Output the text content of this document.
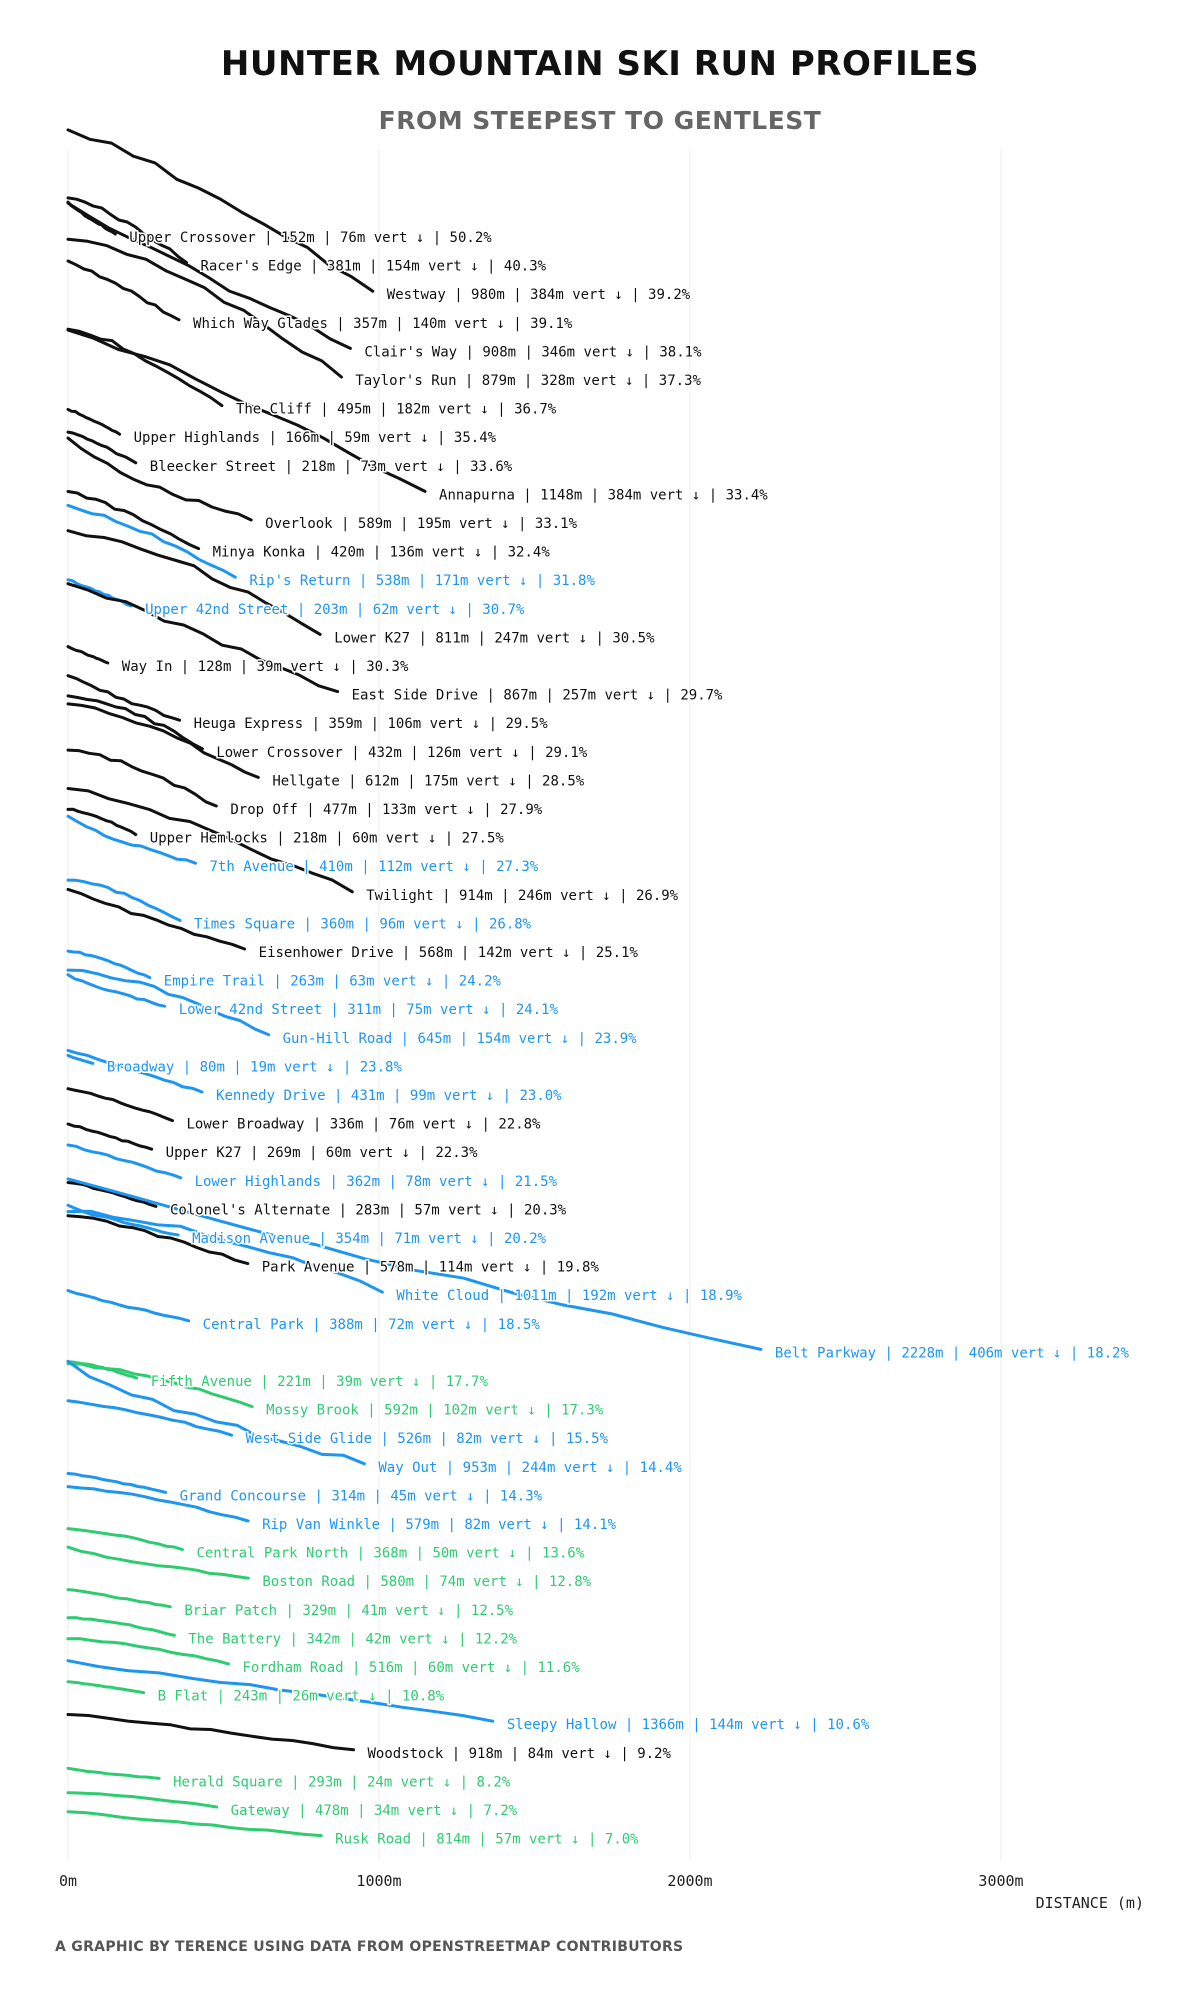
HUNTER MOUNTAIN SKI RUN PROFILES
FROM STEEPEST TO GENTLEST
Upper Crossover | 152m | 76m vert ↓ | 50.2%
Racer's Edge | 381m | 154m vert ↓ | 40.3%
Westway | 980m | 384m vert ↓ | 39.2%
Which Way Glades | 357m | 140m vert ↓ | 39.1%
Clair's Way | 908m | 346m vert ↓ | 38.1%
Taylor's Run | 879m | 328m vert ↓ | 37.3%
The Cliff | 495m | 182m vert ↓ | 36.7%
Upper Highlands | 166m | 59m vert ↓ | 35.4%
Bleecker Street | 218m | 73m vert ↓ | 33.6%
Annapurna | 1148m | 384m vert ↓ | 33.4%
Overlook | 589m | 195m vert ↓ | 33.1%
Minya Konka | 420m | 136m vert ↓ | 32.4%
Rip's Return | 538m | 171m vert ↓ | 31.8%
Upper 42nd Street | 203m | 62m vert ↓ | 30.7%
Lower K27 | 811m | 247m vert ↓ | 30.5%
Way In | 128m | 39m vert ↓ | 30.3%
East Side Drive | 867m | 257m vert ↓ | 29.7%
Heuga Express | 359m | 106m vert ↓ | 29.5%
Lower Crossover | 432m | 126m vert ↓ | 29.1%
Hellgate | 612m | 175m vert ↓ | 28.5%
Drop Off | 477m | 133m vert ↓ | 27.9%
Upper Hemlocks | 218m | 60m vert ↓ | 27.5%
7th Avenue | 410m | 112m vert ↓ | 27.3%
Twilight | 914m | 246m vert ↓ | 26.9%
Times Square | 360m | 96m vert ↓ | 26.8%
Eisenhower Drive | 568m | 142m vert ↓ | 25.1%
Empire Trail | 263m | 63m vert ↓ | 24.2%
Lower 42nd Street | 311m | 75m vert ↓ | 24.1%
Gun-Hill Road | 645m | 154m vert ↓ | 23.9%
Broadway | 80m | 19m vert ↓ | 23.8%
Kennedy Drive | 431m | 99m vert ↓ | 23.0%
Lower Broadway | 336m | 76m vert ↓ | 22.8%
Upper K27 | 269m | 60m vert ↓ | 22.3%
Lower Highlands | 362m | 78m vert ↓ | 21.5%
Colonel's Alternate | 283m | 57m vert ↓ | 20.3%
Madison Avenue | 354m | 71m vert ↓ | 20.2%
Park Avenue | 578m | 114m vert ↓ | 19.8%
White Cloud | 1011m | 192m vert ↓ | 18.9%
Central Park | 388m | 72m vert ↓ | 18.5%
Belt Parkway | 2228m | 406m vert ↓ | 18.2%
Fifth Avenue | 221m | 39m vert ↓ | 17.7%
Mossy Brook | 592m | 102m vert ↓ | 17.3%
West Side Glide | 526m | 82m vert ↓ | 15.5%
Way Out | 953m | 244m vert ↓ | 14.4%
Grand Concourse | 314m | 45m vert ↓ | 14.3%
Rip Van Winkle | 579m | 82m vert ↓ | 14.1%
Central Park North | 368m | 50m vert ↓ | 13.6%
Boston Road | 580m | 74m vert ↓ | 12.8%
Briar Patch | 329m | 41m vert ↓ | 12.5%
The Battery | 342m | 42m vert ↓ | 12.2%
Fordham Road | 516m | 60m vert ↓ | 11.6%
B Flat | 243m | 26m vert ↓ | 10.8%
Sleepy Hallow | 1366m | 144m vert ↓ | 10.6%
Woodstock | 918m | 84m vert ↓ | 9.2%
Herald Square | 293m | 24m vert ↓ | 8.2%
Gateway | 478m | 34m vert ↓ | 7.2%
Rusk Road | 814m | 57m vert ↓ | 7.0%
0m	1000m	2000m	3000m
DISTANCE (m)
A GRAPHIC BY TERENCE USING DATA FROM OPENSTREETMAP CONTRIBUTORS
